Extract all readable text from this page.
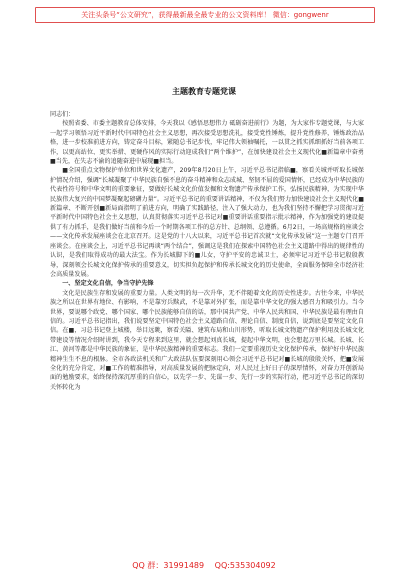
关注头条号“公文研究”，获得最新最全最专业的公文资料库！ 微信：gongwenr
主题教育专题党课

同志们：

按照省委、市委主题教育总体安排，今天我以《感悟思想伟力 砥砺奋进前行》为题，为大家作专题党课，与大家一起学习领悟习近平新时代中国特色社会主义思想，再次接受思想洗礼，接受党性锤炼，提升党性修养，锤炼政治品格，进一步校准前进方向，铸定奋斗目标，紧随总书记步伐，牢记伟大领袖嘱托，一以贯之抓实抓细抓好当前各项工作，以更高站位、更实举措、更硬作风的实际行动迎成我们“两个维护”，在加快建设社会主义现代化■新篇章中奋勇■当先，在失志不渝的追随奋进中展现■担当。

■全国重点文物保护单位和世界文化遗产，209年8月20日上午，习近平总书记指临■，察看关城并听取长城保护情况介绍，强调“长城凝聚了中华民族自强不息的奋斗精神和众志成城、坚韧不屈的爱国情怀，已经成为中华民族的代表性符号和中华文明的重要象征，要做好长城文化价值发掘和文物遗产传承保护工作，弘扬民族精神，为实现中华民族伟大复兴的中国梦凝聚起磅礴力量”。习近平总书记的重要讲话精神，不仅为我们努力加快建设社会主义现代化■新篇章、不断开创■新局面指明了前进方向，明确了实践路径，注入了强大动力，也为我们坚持不懈把学习贯彻习近平新时代中国特色社会主义思想，认真贯彻落实习近平总书记对■重要讲话重要指示批示精神，作为加强党的建设提供了有力抓手，是我们做好当前和今后一个时期各项工作的总方针、总纲领、总遵循。6月2日，一场高规格的座谈会——文化传承发展座谈会在北京召开。这是党的十八大以来，习近平总书记首次就“文化传承发展”这一主题专门召开座谈会。在座谈会上，习近平总书记再谈“两个结合”，强调这是我们在探索中国特色社会主义道路中得出的规律性的认识，是我们取得成功的最大法宝。作为长城脚下的■儿女，守护平安的忠诚卫士，必须牢记习近平总书记殷殷教导，深刻领会长城文化保护传承的重要意义，切实担负起保护和传承长城文化的历史使命，全面服务保障全市经济社会高质量发展。

一、坚定文化自信，争当守护先锋

文化是民族生存和发展的重要力量。人类文明的每一次升华，无不伴随着文化的历史性进步。古往今来，中华民族之所以在世界有地位、有影响，不是靠穷兵黩武，不是靠对外扩张，而是靠中华文化的强大感召力和吸引力。当今世界，要说哪个政党、哪个国家、哪个民族能够自信的话，那中国共产党、中华人民共和国、中华民族是最有理由自信的。习近平总书记指出，我们说要坚定中国特色社会主义道路自信、理论自信、制度自信，说到底是要坚定文化自信。在■，习总书记登上城楼，举目远眺，察看关隘、建筑布局和山川形势，听取长城文物遗产保护利用及长城文化带建设等情况介绍时讲到，我今天专程来到这里，就会想起刘真长城，提起中华文明，也会想起万里长城。长城、长江、黄河等都是中华民族的象征，是中华民族精神的重要标志。我们一定要重视历史文化保护传承，保护好中华民族精神生生不息的根脉。全市各政法机关和广大政法队伍要深刻用心领会习近平总书记对■长城的殷殷关怀，把■发展全化的充分肯定，对■工作的精准指导，对高质量发展的把脉定向，对人民过上好日子的深厚情怀，对奋力开创新局面的勉励要求，始终保持深沉厚重的自信心，以先学一步、先谋一步、先行一步的实际行动，把习近平总书记的深切关怀转化为

QQ 群：31991489 QQ:535304092
